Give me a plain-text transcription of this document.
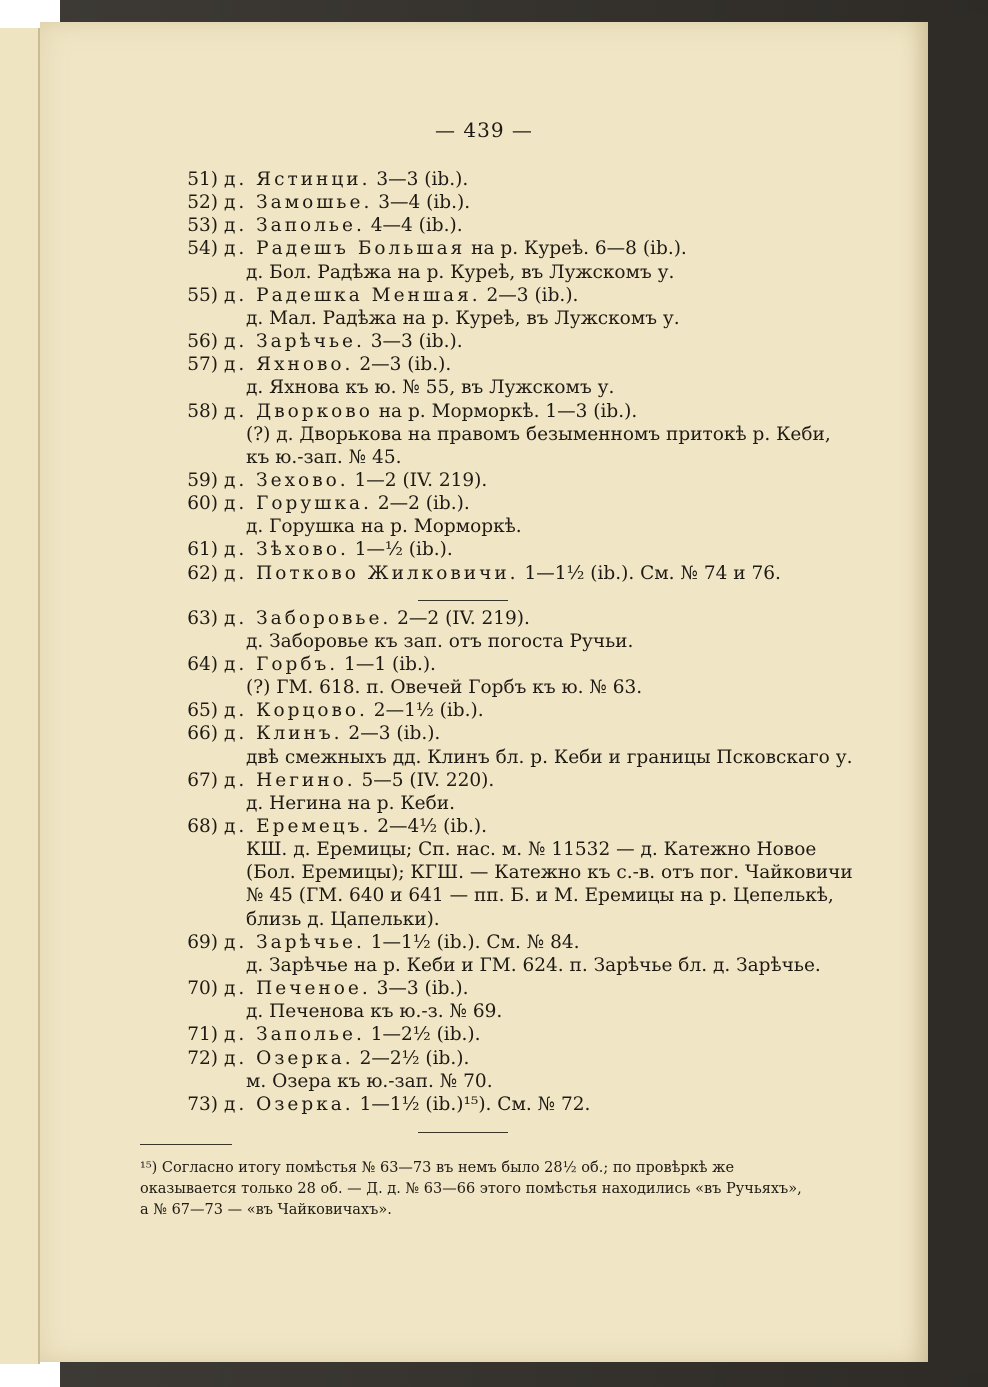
— 439 —
51) д. Ястинци. 3—3 (ib.).
52) д. Замошье. 3—4 (ib.).
53) д. Заполье. 4—4 (ib.).
54) д. Радешъ Большая на р. Куреѣ. 6—8 (ib.).
д. Бол. Радѣжа на р. Куреѣ, въ Лужскомъ у.
55) д. Радешка Меншая. 2—3 (ib.).
д. Мал. Радѣжа на р. Куреѣ, въ Лужскомъ у.
56) д. Зарѣчье. 3—3 (ib.).
57) д. Яхново. 2—3 (ib.).
д. Яхнова къ ю. № 55, въ Лужскомъ у.
58) д. Дворково на р. Морморкѣ. 1—3 (ib.).
(?) д. Дворькова на правомъ безыменномъ притокѣ р. Кеби,
къ ю.-зап. № 45.
59) д. Зехово. 1—2 (IV. 219).
60) д. Горушка. 2—2 (ib.).
д. Горушка на р. Морморкѣ.
61) д. Зѣхово. 1—½ (ib.).
62) д. Потково Жилковичи. 1—1½ (ib.). См. № 74 и 76.
63) д. Заборовье. 2—2 (IV. 219).
д. Заборовье къ зап. отъ погоста Ручьи.
64) д. Горбъ. 1—1 (ib.).
(?) ГМ. 618. п. Овечей Горбъ къ ю. № 63.
65) д. Корцово. 2—1½ (ib.).
66) д. Клинъ. 2—3 (ib.).
двѣ смежныхъ дд. Клинъ бл. р. Кеби и границы Псковскаго у.
67) д. Негино. 5—5 (IV. 220).
д. Негина на р. Кеби.
68) д. Еремецъ. 2—4½ (ib.).
КШ. д. Еремицы; Сп. нас. м. № 11532 — д. Катежно Новое
(Бол. Еремицы); КГШ. — Катежно къ с.-в. отъ пог. Чайковичи
№ 45 (ГМ. 640 и 641 — пп. Б. и М. Еремицы на р. Цепелькѣ,
близь д. Цапельки).
69) д. Зарѣчье. 1—1½ (ib.). См. № 84.
д. Зарѣчье на р. Кеби и ГМ. 624. п. Зарѣчье бл. д. Зарѣчье.
70) д. Печеное. 3—3 (ib.).
д. Печенова къ ю.-з. № 69.
71) д. Заполье. 1—2½ (ib.).
72) д. Озерка. 2—2½ (ib.).
м. Озера къ ю.-зап. № 70.
73) д. Озерка. 1—1½ (ib.)¹⁵). См. № 72.
¹⁵) Согласно итогу помѣстья № 63—73 въ немъ было 28½ об.; по провѣркѣ же
оказывается только 28 об. — Д. д. № 63—66 этого помѣстья находились «въ Ручьяхъ»,
а № 67—73 — «въ Чайковичахъ».
